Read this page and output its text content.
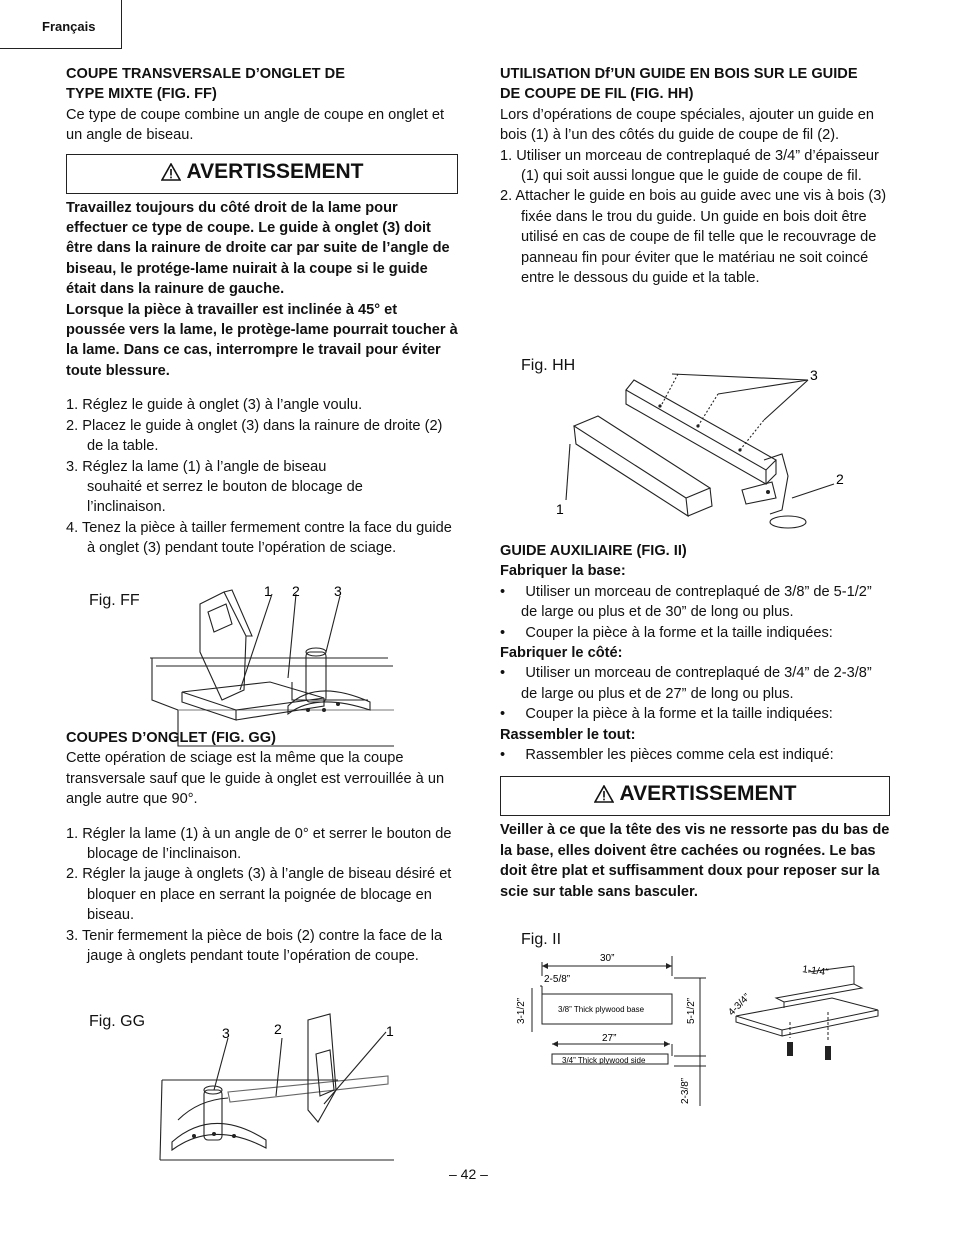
Français

COUPE TRANSVERSALE D’ONGLET DE
TYPE MIXTE (FIG. FF)

Ce type de coupe combine un angle de coupe en onglet et un angle de biseau.

AVERTISSEMENT

Travaillez toujours du côté droit de la lame pour effectuer ce type de coupe. Le guide à onglet (3) doit être dans la rainure de droite car par suite de l’angle de biseau, le protége-lame nuirait à la coupe si le guide était dans la rainure de gauche.

Lorsque la pièce à travailler est inclinée à 45° et poussée vers la lame, le protège-lame pourrait toucher à la lame. Dans ce cas, interrompre le travail pour éviter toute blessure.

1. Réglez le guide à onglet (3) à l’angle voulu.
2. Placez le guide à onglet (3) dans la rainure de droite (2) de la table.
3. Réglez la lame (1) à l’angle de biseau souhaité et serrez le bouton de blocage de l’inclinaison.
4. Tenez la pièce à tailler fermement contre la face du guide à onglet (3) pendant toute l’opération de sciage.
Fig. FF
1 2 3

COUPES D’ONGLET (FIG. GG)

Cette opération de sciage est la même que la coupe transversale sauf que le guide à onglet est verrouillée à un angle autre que 90°.

1. Régler la lame (1) à un angle de 0° et serrer le bouton de blocage de l’inclinaison.
2. Régler la jauge à onglets (3) à l’angle de biseau désiré et bloquer en place en serrant la poignée de blocage en biseau.
3. Tenir fermement la pièce de bois (2) contre la face de la jauge à onglets pendant toute l’opération de coupe.
Fig. GG
3	2	1

UTILISATION Df’UN GUIDE EN BOIS SUR LE GUIDE
DE COUPE DE FIL (FIG. HH)

Lors d’opérations de coupe spéciales, ajouter un guide en bois (1) à l’un des côtés du guide de coupe de fil (2).

1. Utiliser un morceau de contreplaqué de 3/4” d’épaisseur (1) qui soit aussi longue que le guide de coupe de fil.
2. Attacher le guide en bois au guide avec une vis à bois (3) fixée dans le trou du guide. Un guide en bois doit être utilisé en cas de coupe de fil telle que le recouvrage de panneau fin pour éviter que le matériau ne soit coincé entre le dessous du guide et la table.
Fig. HH
3
2
1

GUIDE AUXILIAIRE (FIG. II)

Fabriquer la base:

•     Utiliser un morceau de contreplaqué de 3/8” de 5-1/2” de large ou plus et de 30” de long ou plus.
•     Couper la pièce à la forme et la taille indiquées:

Fabriquer le côté:

•     Utiliser un morceau de contreplaqué de 3/4” de 2-3/8” de large ou plus et de 27” de long ou plus.
•     Couper la pièce à la forme et la taille indiquées:

Rassembler le tout:

•     Rassembler les pièces comme cela est indiqué:
AVERTISSEMENT

Veiller à ce que la tête des vis ne ressorte pas du bas de la base, elles doivent être cachées ou rognées. Le bas doit être plat et suffisamment doux pour reposer sur la scie sur table sans basculer.

Fig. II
30”
2-5/8”
3-1/2”	5-1/2”
3/8” Thick plywood base
27”
3/4” Thick plywood side
2-3/8”
1-1/4”
4-3/4”
– 42 –
